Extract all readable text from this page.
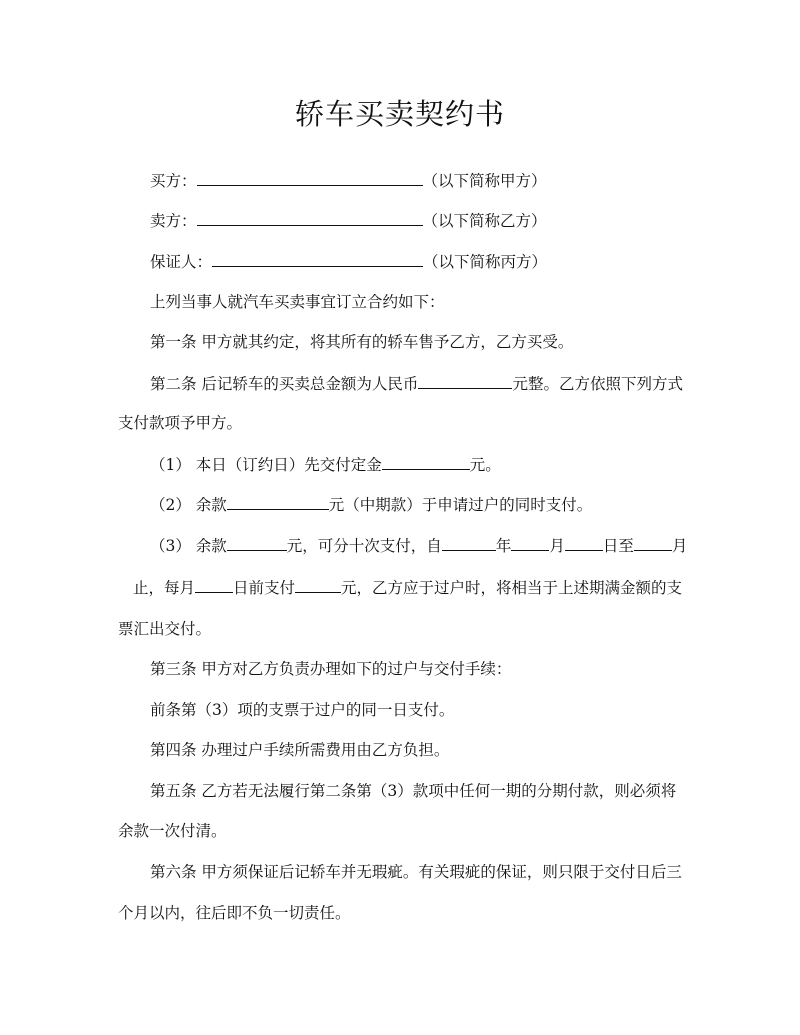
轿车买卖契约书
买方：	（以下简称甲方）
卖方：	（以下简称乙方）
保证人：	（以下简称丙方）
上列当事人就汽车买卖事宜订立合约如下：
第一条 甲方就其约定，将其所有的轿车售予乙方，乙方买受。
第二条 后记轿车的买卖总金额为人民币	元整。乙方依照下列方式
支付款项予甲方。
（1） 本日（订约日）先交付定金	元。
（2） 余款	元（中期款）于申请过户的同时支付。
（3） 余款	元，可分十次支付，自	年 月 日至 月
止，每月 日前支付	元，乙方应于过户时，将相当于上述期满金额的支
票汇出交付。
第三条 甲方对乙方负责办理如下的过户与交付手续：
前条第（3）项的支票于过户的同一日支付。
第四条 办理过户手续所需费用由乙方负担。
第五条 乙方若无法履行第二条第（3）款项中任何一期的分期付款，则必须将
余款一次付清。
第六条 甲方须保证后记轿车并无瑕疵。有关瑕疵的保证，则只限于交付日后三
个月以内，往后即不负一切责任。
